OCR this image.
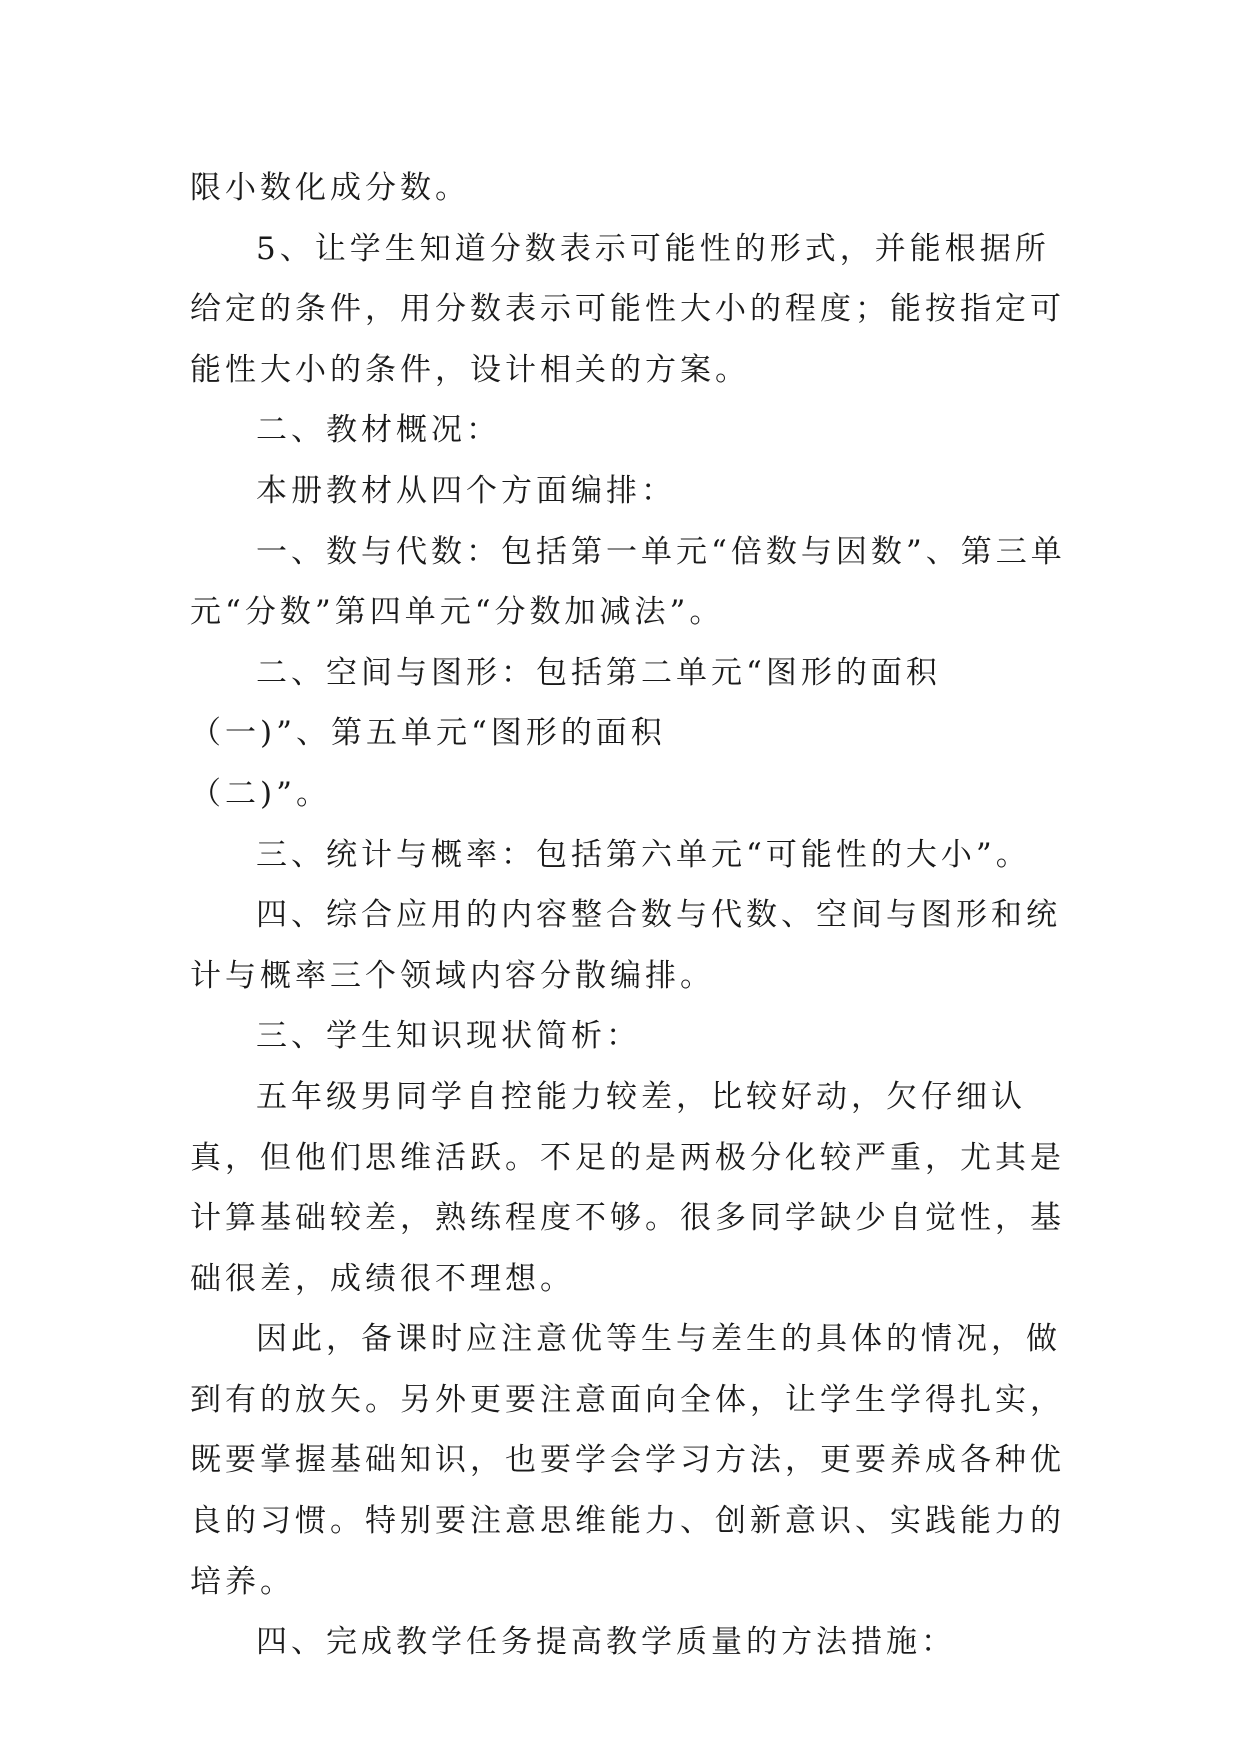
限小数化成分数。

5、让学生知道分数表示可能性的形式，并能根据所给定的条件，用分数表示可能性大小的程度；能按指定可能性大小的条件，设计相关的方案。

二、教材概况：

本册教材从四个方面编排：

一、数与代数：包括第一单元“倍数与因数”、第三单元“分数”第四单元“分数加减法”。

二、空间与图形：包括第二单元“图形的面积

（一)”、第五单元“图形的面积

（二)”。

三、统计与概率：包括第六单元“可能性的大小”。

四、综合应用的内容整合数与代数、空间与图形和统计与概率三个领域内容分散编排。

三、学生知识现状简析：

五年级男同学自控能力较差，比较好动，欠仔细认真，但他们思维活跃。不足的是两极分化较严重，尤其是计算基础较差，熟练程度不够。很多同学缺少自觉性，基础很差，成绩很不理想。

因此，备课时应注意优等生与差生的具体的情况，做到有的放矢。另外更要注意面向全体，让学生学得扎实，既要掌握基础知识，也要学会学习方法，更要养成各种优良的习惯。特别要注意思维能力、创新意识、实践能力的培养。

四、完成教学任务提高教学质量的方法措施：
